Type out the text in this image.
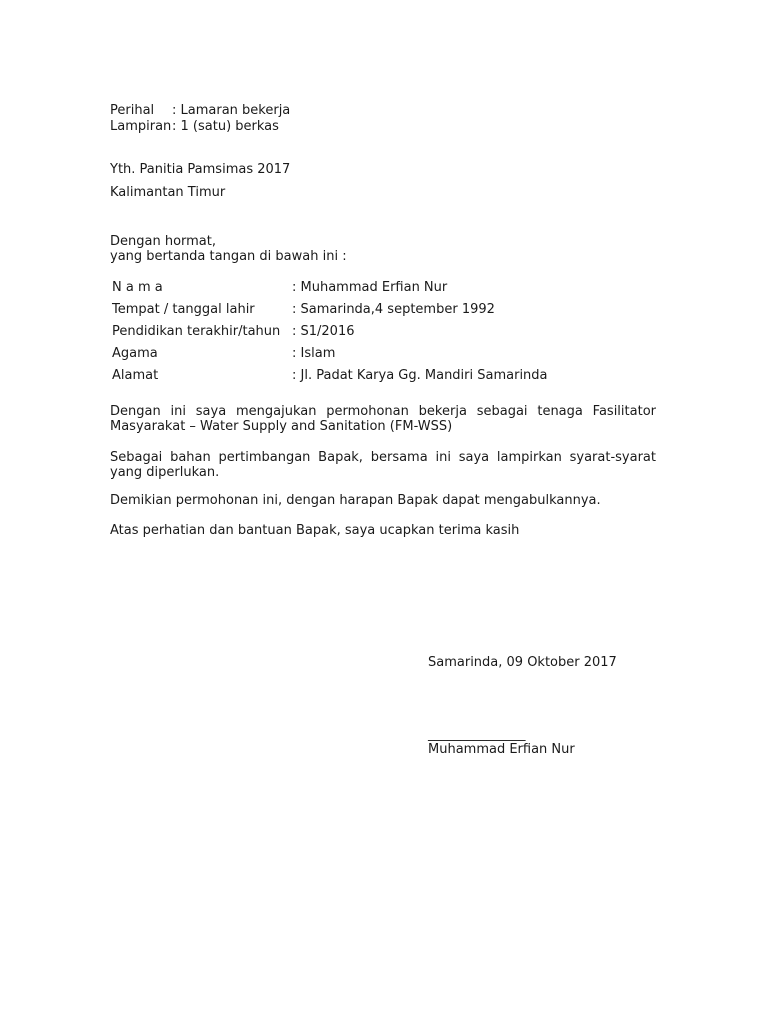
Perihal : Lamaran bekerja
Lampiran : 1 (satu) berkas
Yth. Panitia Pamsimas 2017
Kalimantan Timur
Dengan hormat,
yang bertanda tangan di bawah ini :
N a m a	: Muhammad Erfian Nur
Tempat / tanggal lahir	: Samarinda,4 september 1992
Pendidikan terakhir/tahun : S1/2016
Agama	: Islam
Alamat	: Jl. Padat Karya Gg. Mandiri Samarinda
Dengan ini saya mengajukan permohonan bekerja sebagai tenaga Fasilitator
Masyarakat – Water Supply and Sanitation (FM-WSS)
Sebagai bahan pertimbangan Bapak, bersama ini saya lampirkan syarat-syarat
yang diperlukan.
Demikian permohonan ini, dengan harapan Bapak dapat mengabulkannya.
Atas perhatian dan bantuan Bapak, saya ucapkan terima kasih
Samarinda, 09 Oktober 2017
_______________
Muhammad Erfian Nur
